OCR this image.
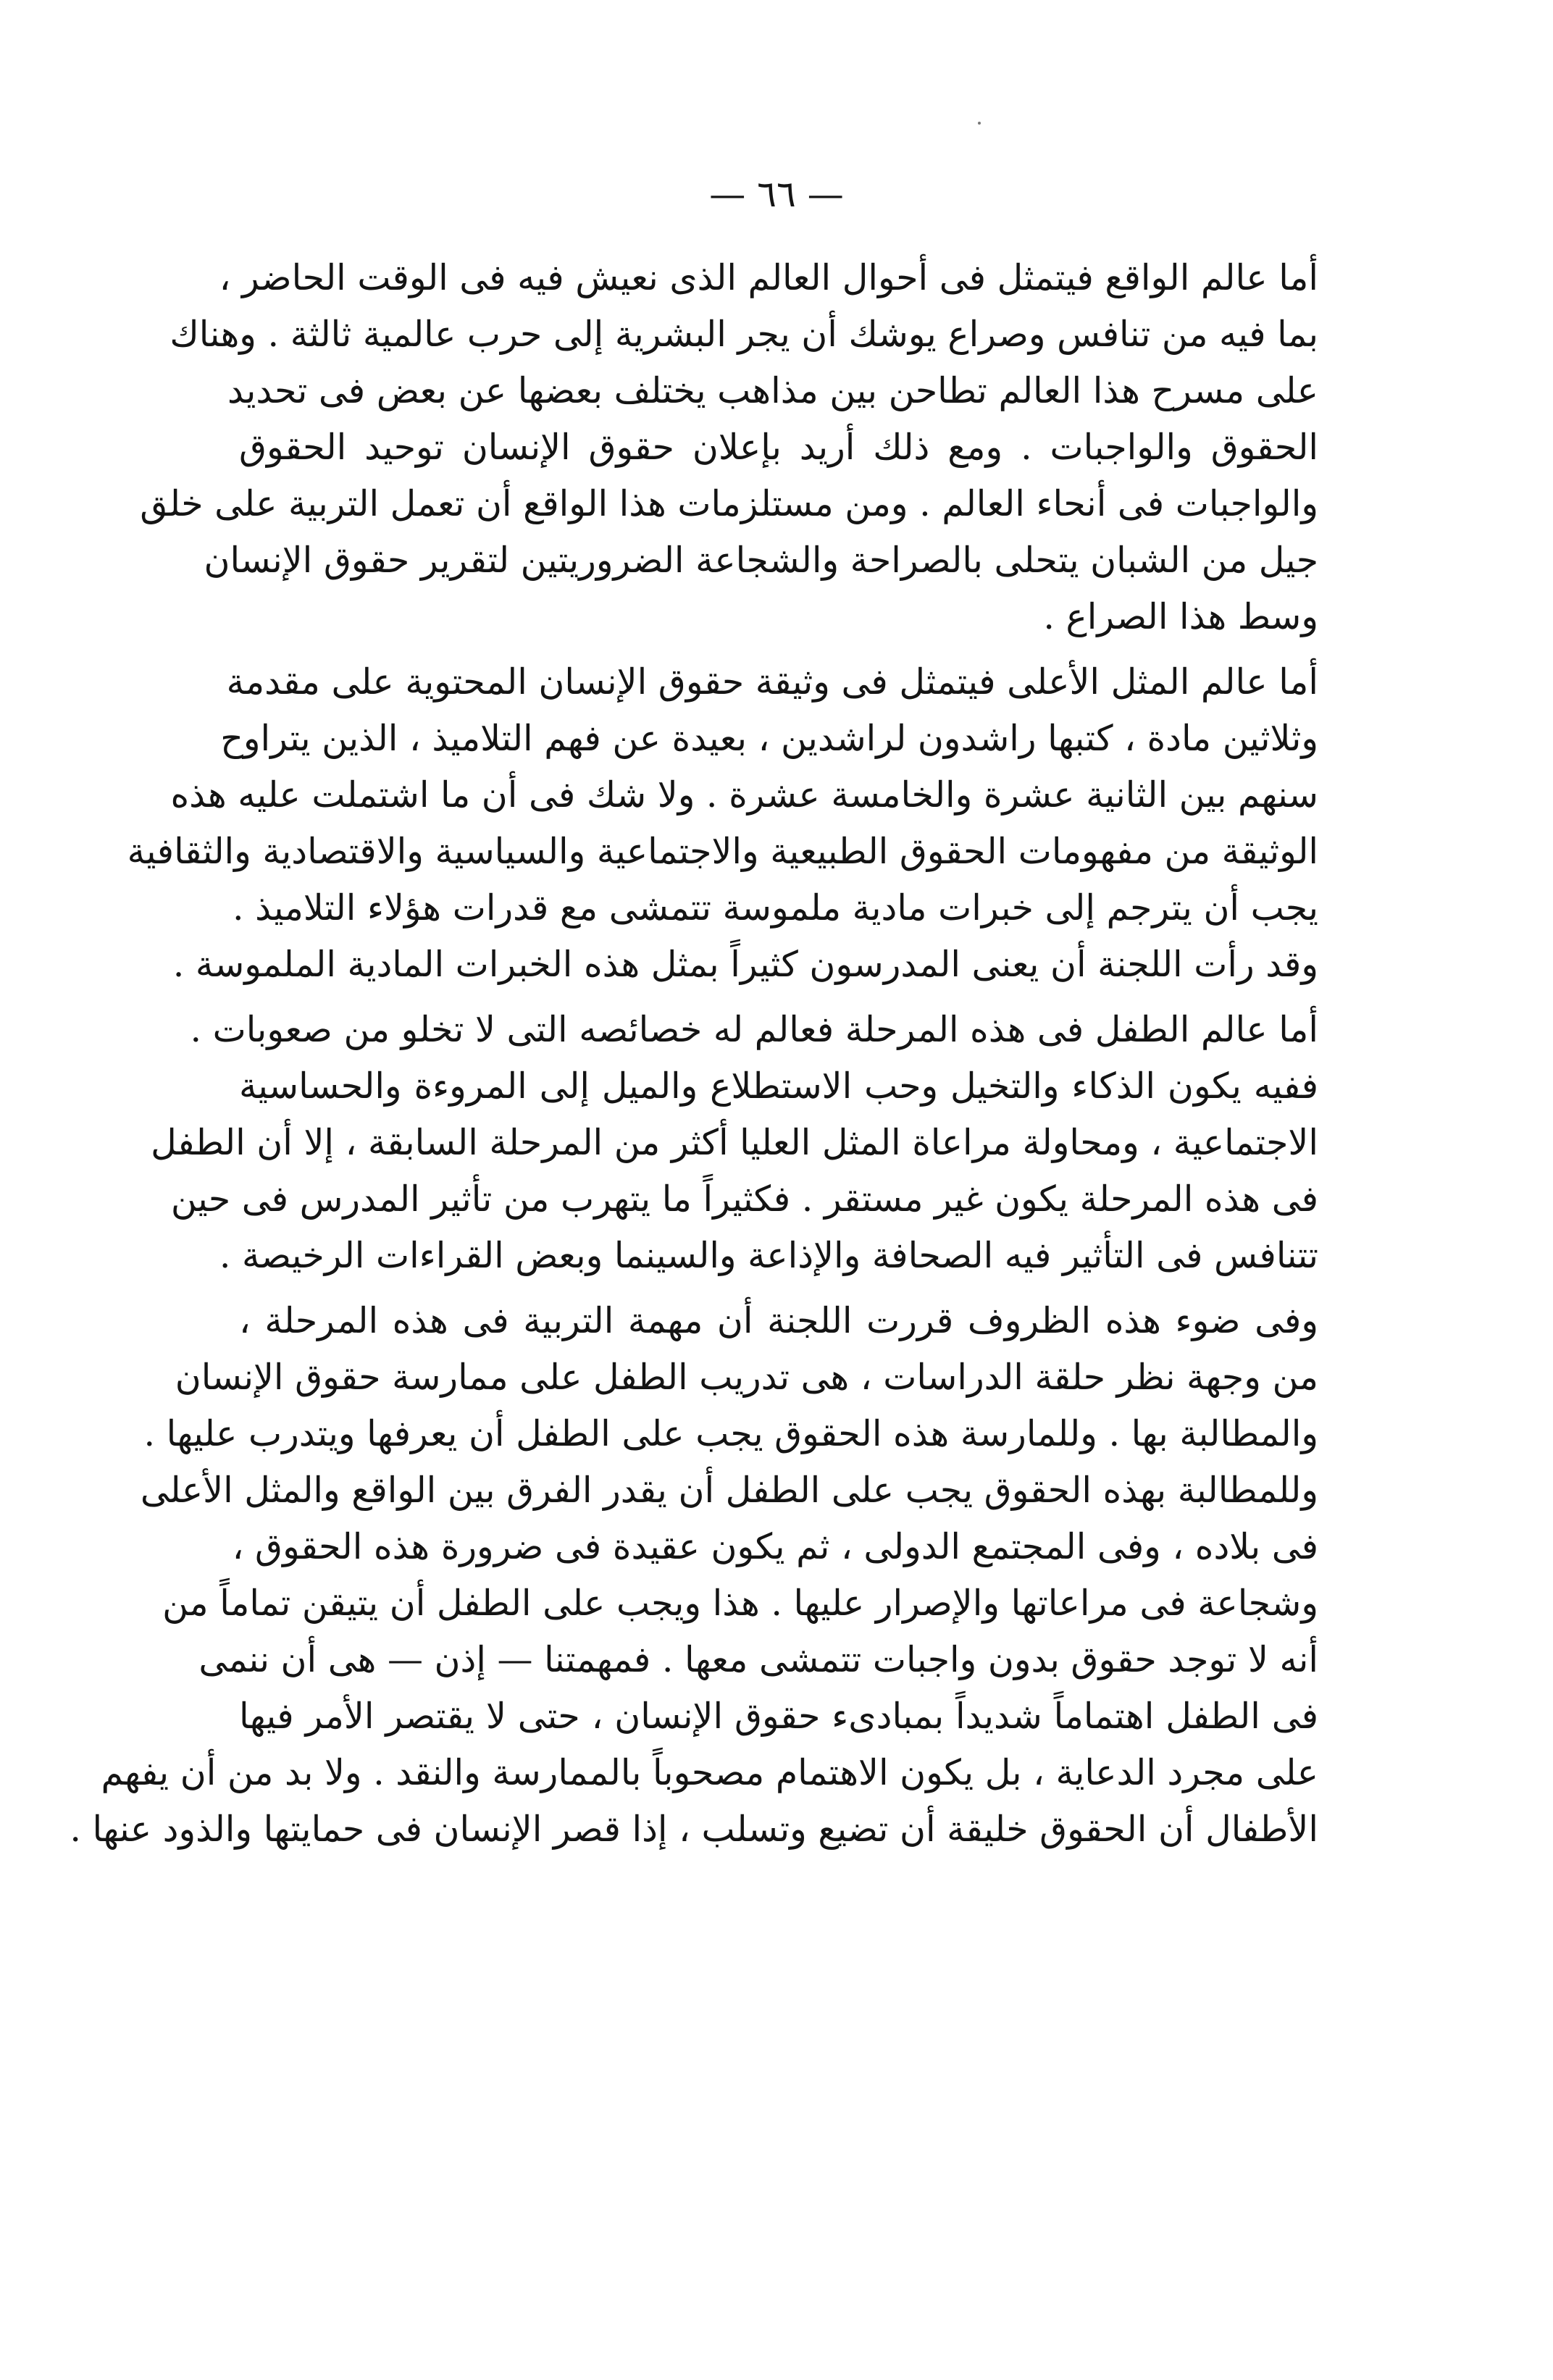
— ٦٦ —
أما عالم الواقع فيتمثل فى أحوال العالم الذى نعيش فيه فى الوقت الحاضر ،
بما فيه من تنافس وصراع يوشك أن يجر البشرية إلى حرب عالمية ثالثة . وهناك
على مسرح هذا العالم تطاحن بين مذاهب يختلف بعضها عن بعض فى تحديد
الحقوق والواجبات . ومع ذلك أريد بإعلان حقوق الإنسان توحيد الحقوق
والواجبات فى أنحاء العالم . ومن مستلزمات هذا الواقع أن تعمل التربية على خلق
جيل من الشبان يتحلى بالصراحة والشجاعة الضروريتين لتقرير حقوق الإنسان
وسط هذا الصراع .
أما عالم المثل الأعلى فيتمثل فى وثيقة حقوق الإنسان المحتوية على مقدمة
وثلاثين مادة ، كتبها راشدون لراشدين ، بعيدة عن فهم التلاميذ ، الذين يتراوح
سنهم بين الثانية عشرة والخامسة عشرة . ولا شك فى أن ما اشتملت عليه هذه
الوثيقة من مفهومات الحقوق الطبيعية والاجتماعية والسياسية والاقتصادية والثقافية
يجب أن يترجم إلى خبرات مادية ملموسة تتمشى مع قدرات هؤلاء التلاميذ .
وقد رأت اللجنة أن يعنى المدرسون كثيراً بمثل هذه الخبرات المادية الملموسة .
أما عالم الطفل فى هذه المرحلة فعالم له خصائصه التى لا تخلو من صعوبات .
ففيه يكون الذكاء والتخيل وحب الاستطلاع والميل إلى المروءة والحساسية
الاجتماعية ، ومحاولة مراعاة المثل العليا أكثر من المرحلة السابقة ، إلا أن الطفل
فى هذه المرحلة يكون غير مستقر . فكثيراً ما يتهرب من تأثير المدرس فى حين
تتنافس فى التأثير فيه الصحافة والإذاعة والسينما وبعض القراءات الرخيصة .
وفى ضوء هذه الظروف قررت اللجنة أن مهمة التربية فى هذه المرحلة ،
من وجهة نظر حلقة الدراسات ، هى تدريب الطفل على ممارسة حقوق الإنسان
والمطالبة بها . وللمارسة هذه الحقوق يجب على الطفل أن يعرفها ويتدرب عليها .
وللمطالبة بهذه الحقوق يجب على الطفل أن يقدر الفرق بين الواقع والمثل الأعلى
فى بلاده ، وفى المجتمع الدولى ، ثم يكون عقيدة فى ضرورة هذه الحقوق ،
وشجاعة فى مراعاتها والإصرار عليها . هذا ويجب على الطفل أن يتيقن تماماً من
أنه لا توجد حقوق بدون واجبات تتمشى معها . فمهمتنا — إذن — هى أن ننمى
فى الطفل اهتماماً شديداً بمبادىء حقوق الإنسان ، حتى لا يقتصر الأمر فيها
على مجرد الدعاية ، بل يكون الاهتمام مصحوباً بالممارسة والنقد . ولا بد من أن يفهم
الأطفال أن الحقوق خليقة أن تضيع وتسلب ، إذا قصر الإنسان فى حمايتها والذود عنها .
